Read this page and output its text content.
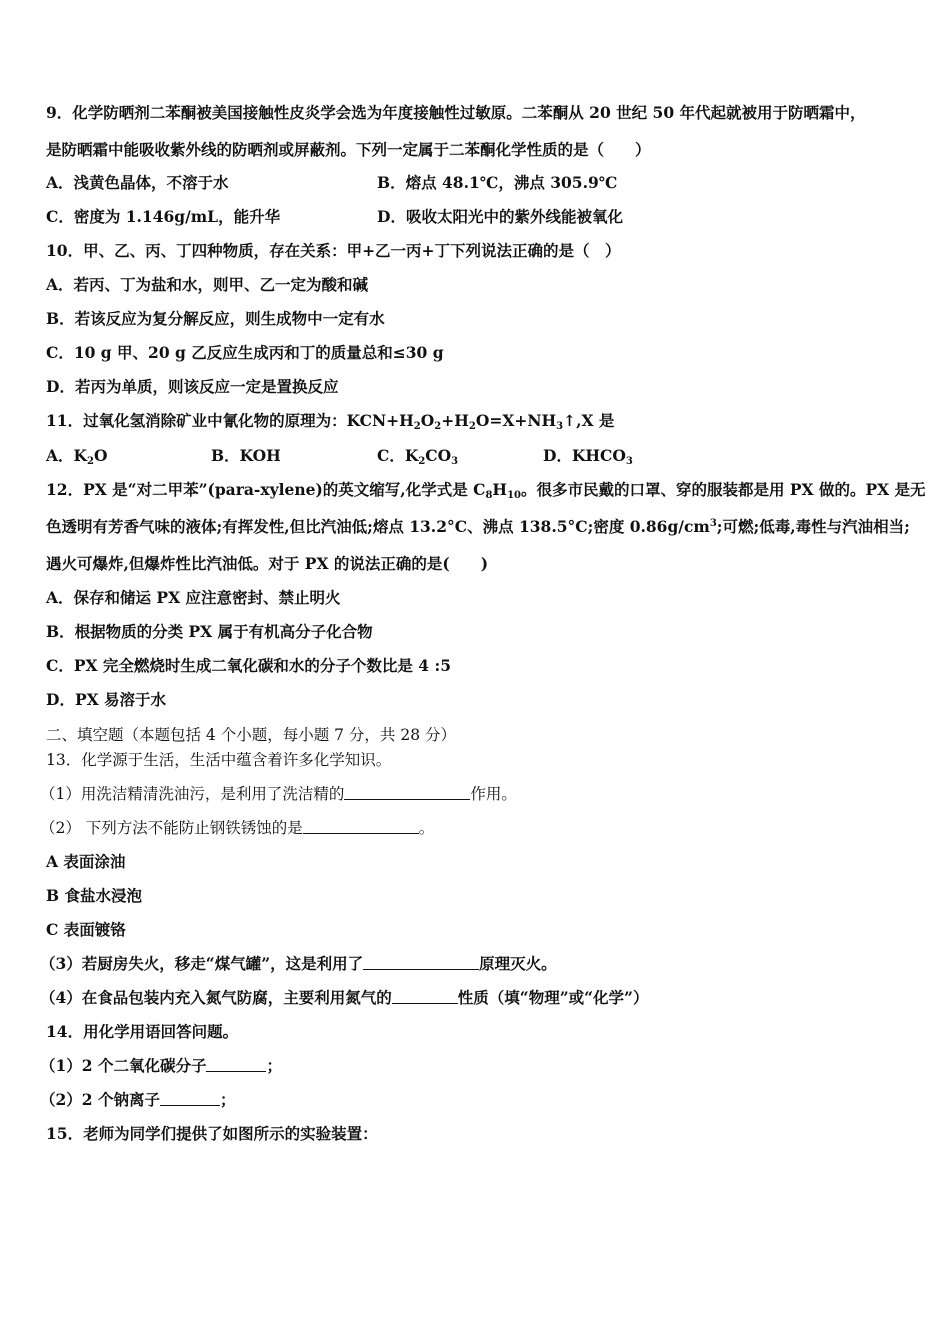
9．化学防晒剂二苯酮被美国接触性皮炎学会选为年度接触性过敏原。二苯酮从 20 世纪 50 年代起就被用于防晒霜中，
是防晒霜中能吸收紫外线的防晒剂或屏蔽剂。下列一定属于二苯酮化学性质的是（　　）
A．浅黄色晶体，不溶于水	B．熔点 48.1℃，沸点 305.9℃
C．密度为 1.146g/mL，能升华	D．吸收太阳光中的紫外线能被氧化
10．甲、乙、丙、丁四种物质，存在关系：甲+乙一丙+丁下列说法正确的是（　）
A．若丙、丁为盐和水，则甲、乙一定为酸和碱
B．若该反应为复分解反应，则生成物中一定有水
C．10 g 甲、20 g 乙反应生成丙和丁的质量总和≤30 g
D．若丙为单质，则该反应一定是置换反应
11．过氧化氢消除矿业中氰化物的原理为：$KCN+H_2O_2+H_2O=X+NH_3↑,X$ 是
A．$K_2O$	B．KOH	C．$K_2CO_3$	D．$KHCO_3$
12．PX 是“对二甲苯”(para-xylene)的英文缩写,化学式是 $C_8H_{10}$。很多市民戴的口罩、穿的服装都是用 PX 做的。PX 是无
色透明有芳香气味的液体;有挥发性,但比汽油低;熔点 13.2°C、沸点 138.5°C;密度 $0.86g/cm^3$;可燃;低毒,毒性与汽油相当;
遇火可爆炸,但爆炸性比汽油低。对于 PX 的说法正确的是(　　)
A．保存和储运 PX 应注意密封、禁止明火
B．根据物质的分类 PX 属于有机高分子化合物
C．PX 完全燃烧时生成二氧化碳和水的分子个数比是 4 :5
D．PX 易溶于水
二、填空题（本题包括 4 个小题，每小题 7 分，共 28 分）
13．化学源于生活，生活中蕴含着许多化学知识。
（1）用洗洁精清洗油污，是利用了洗洁精的	作用。
（2） 下列方法不能防止钢铁锈蚀的是	。
A 表面涂油
B 食盐水浸泡
C 表面镀铬
（3）若厨房失火，移走“煤气罐”，这是利用了	原理灭火。
（4）在食品包装内充入氮气防腐，主要利用氮气的	性质（填“物理”或“化学”）
14．用化学用语回答问题。
（1）2 个二氧化碳分子	；
（2）2 个钠离子	；
15．老师为同学们提供了如图所示的实验装置：
